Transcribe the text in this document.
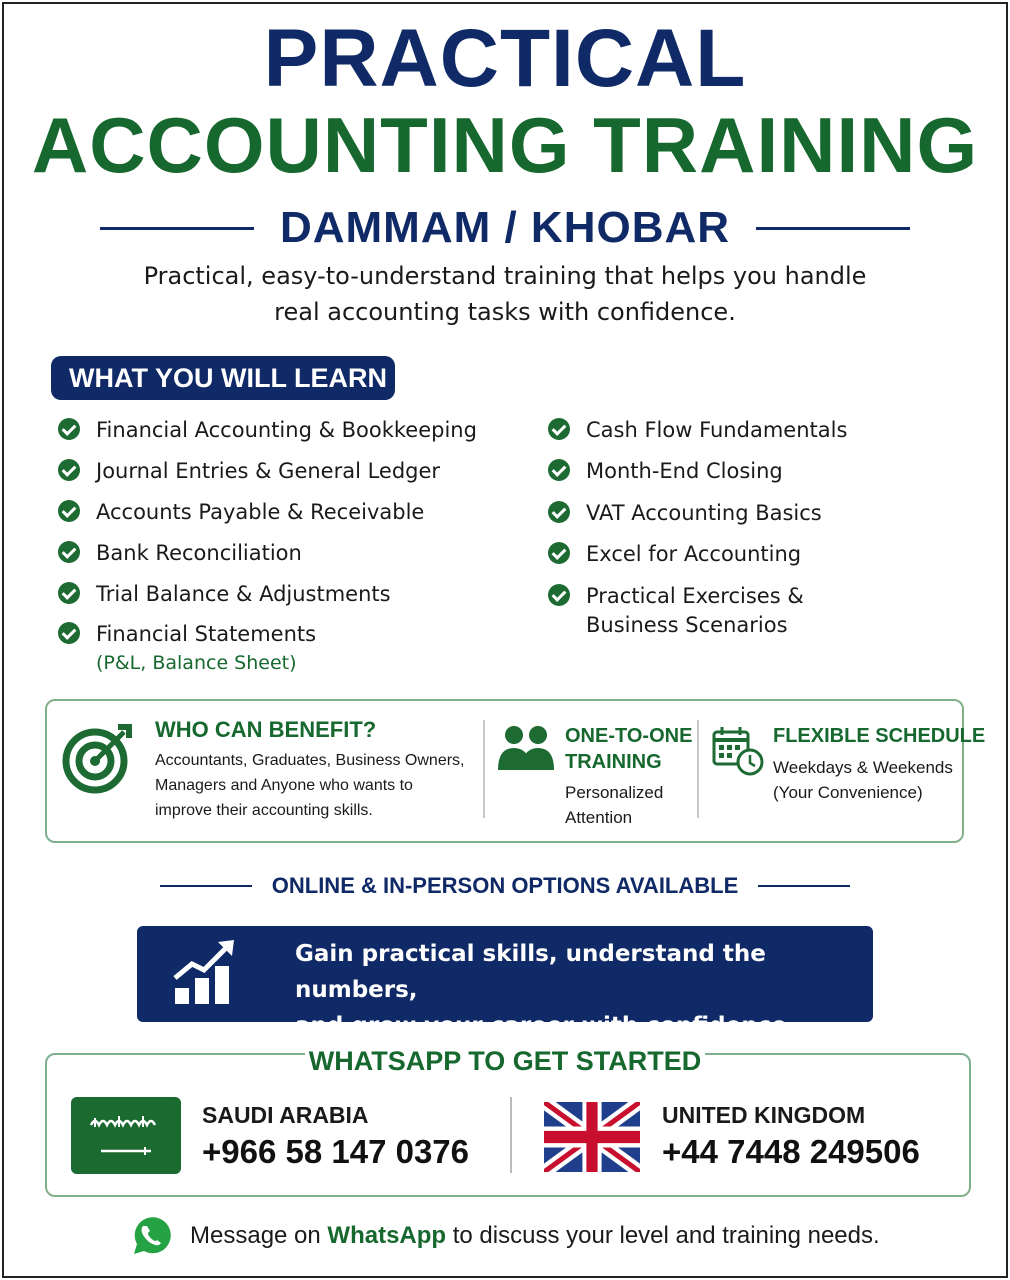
PRACTICAL
ACCOUNTING TRAINING
DAMMAM / KHOBAR
Practical, easy-to-understand training that helps you handle
real accounting tasks with confidence.
WHAT YOU WILL LEARN
Financial Accounting & Bookkeeping
Journal Entries & General Ledger
Accounts Payable & Receivable
Bank Reconciliation
Trial Balance & Adjustments
Financial Statements
(P&L, Balance Sheet)
Cash Flow Fundamentals
Month-End Closing
VAT Accounting Basics
Excel for Accounting
Practical Exercises &
Business Scenarios
WHO CAN BENEFIT?
Accountants, Graduates, Business Owners,
Managers and Anyone who wants to
improve their accounting skills.
ONE-TO-ONE
TRAINING
Personalized
Attention
FLEXIBLE SCHEDULE
Weekdays & Weekends
(Your Convenience)
ONLINE & IN-PERSON OPTIONS AVAILABLE
Gain practical skills, understand the numbers,
and grow your career with confidence.
WHATSAPP TO GET STARTED
SAUDI ARABIA
+966 58 147 0376
UNITED KINGDOM
+44 7448 249506
Message on WhatsApp to discuss your level and training needs.
